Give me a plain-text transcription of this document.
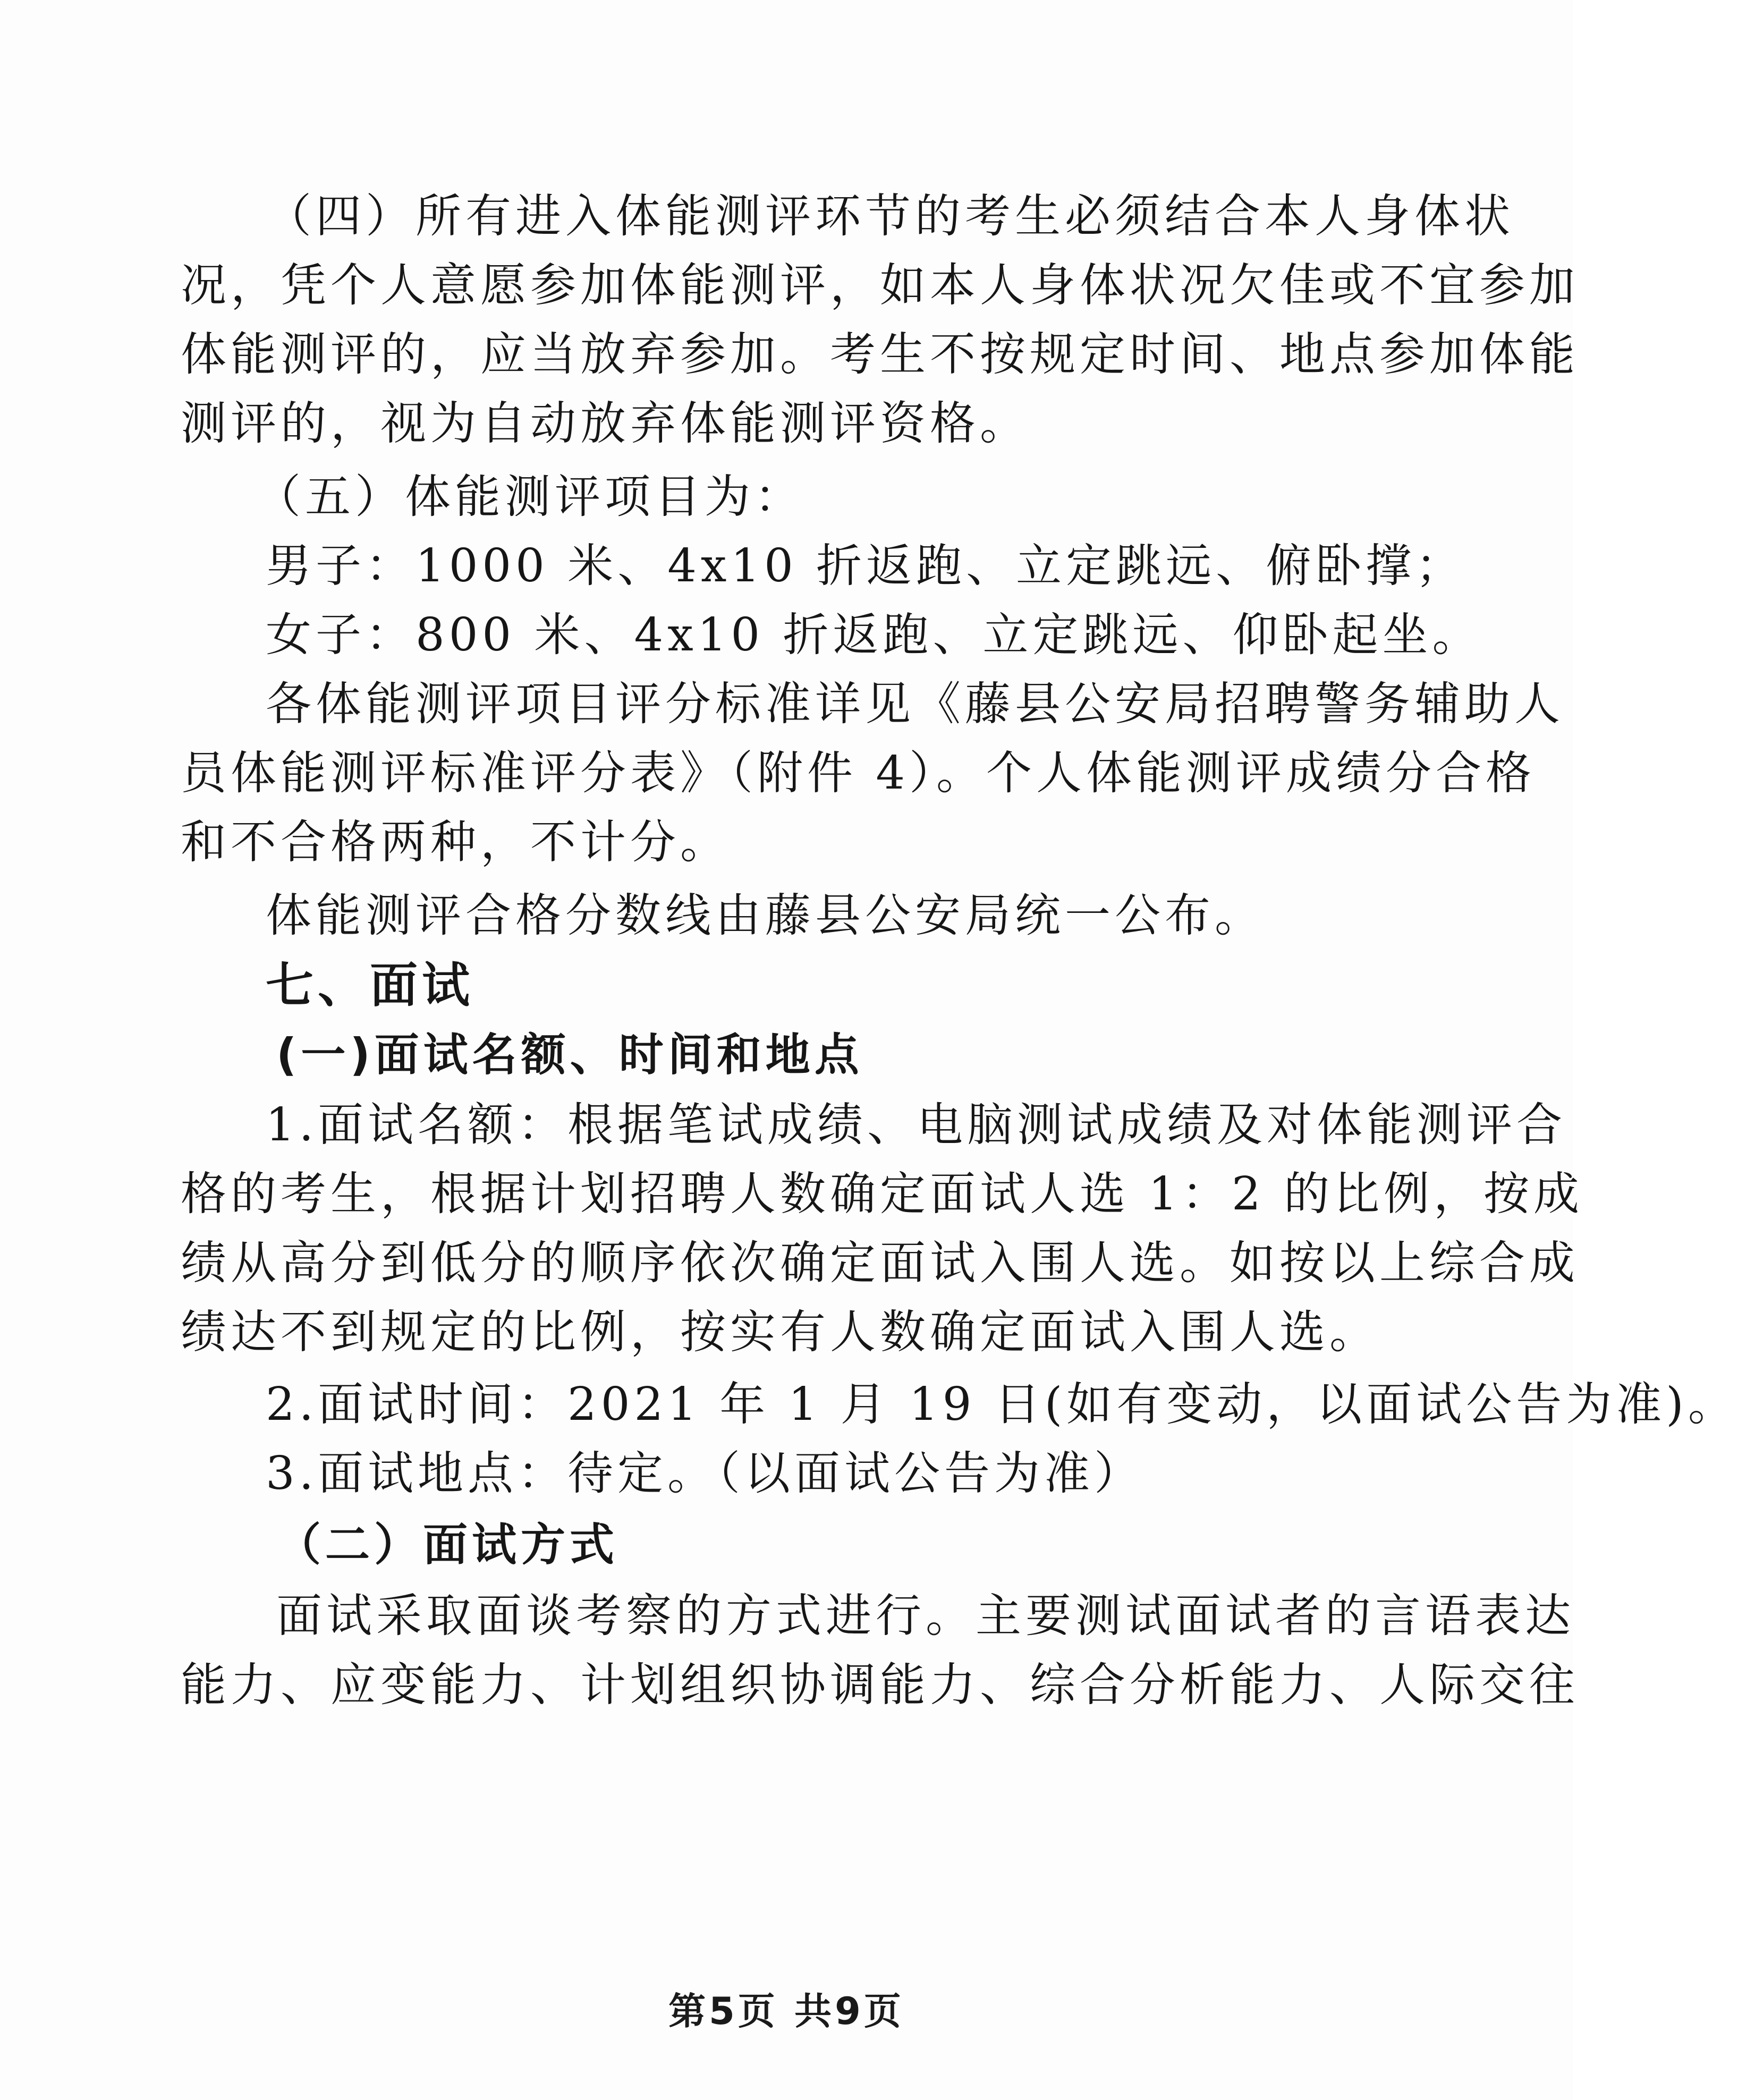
（四）所有进入体能测评环节的考生必须结合本人身体状
况，凭个人意愿参加体能测评，如本人身体状况欠佳或不宜参加
体能测评的，应当放弃参加。考生不按规定时间、地点参加体能
测评的，视为自动放弃体能测评资格。
（五）体能测评项目为：
男子：1000 米、4x10 折返跑、立定跳远、俯卧撑；
女子：800 米、4x10 折返跑、立定跳远、仰卧起坐。
各体能测评项目评分标准详见《藤县公安局招聘警务辅助人
员体能测评标准评分表》（附件 4）。个人体能测评成绩分合格
和不合格两种，不计分。
体能测评合格分数线由藤县公安局统一公布。
七、面试
(一)面试名额、时间和地点
1.面试名额：根据笔试成绩、电脑测试成绩及对体能测评合
格的考生，根据计划招聘人数确定面试人选 1：2 的比例，按成
绩从高分到低分的顺序依次确定面试入围人选。如按以上综合成
绩达不到规定的比例，按实有人数确定面试入围人选。
2.面试时间：2021 年 1 月 19 日(如有变动，以面试公告为准)。
3.面试地点：待定。（以面试公告为准）
（二）面试方式
面试采取面谈考察的方式进行。主要测试面试者的言语表达
能力、应变能力、计划组织协调能力、综合分析能力、人际交往
第5页 共9页
